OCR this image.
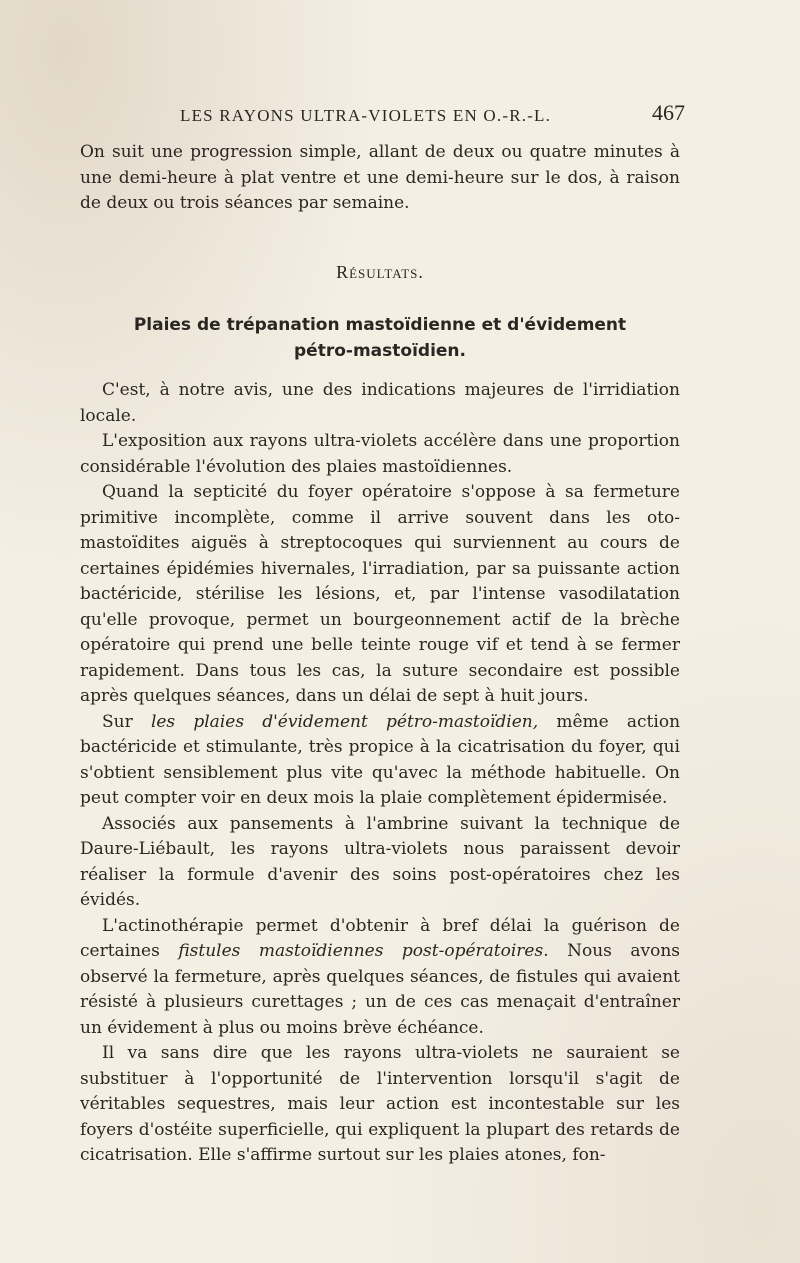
LES RAYONS ULTRA-VIOLETS EN O.-R.-L.	467

On suit une progression simple, allant de deux ou quatre minutes à une demi-heure à plat ventre et une demi-heure sur le dos, à raison de deux ou trois séances par semaine.

Résultats.
Plaies de trépanation mastoïdienne et d'évidement pétro-mastoïdien.

C'est, à notre avis, une des indications majeures de l'irridiation locale.

L'exposition aux rayons ultra-violets accélère dans une proportion considérable l'évolution des plaies mastoïdiennes.

Quand la septicité du foyer opératoire s'oppose à sa fermeture primitive incomplète, comme il arrive souvent dans les oto-mastoïdites aiguës à streptocoques qui surviennent au cours de certaines épidémies hivernales, l'irradiation, par sa puissante action bactéricide, stérilise les lésions, et, par l'intense vasodilatation qu'elle provoque, permet un bourgeonnement actif de la brèche opératoire qui prend une belle teinte rouge vif et tend à se fermer rapidement. Dans tous les cas, la suture secondaire est possible après quelques séances, dans un délai de sept à huit jours.

Sur les plaies d'évidement pétro-mastoïdien, même action bactéricide et stimulante, très propice à la cicatrisation du foyer, qui s'obtient sensiblement plus vite qu'avec la méthode habituelle. On peut compter voir en deux mois la plaie complètement épidermisée.

Associés aux pansements à l'ambrine suivant la technique de Daure-Liébault, les rayons ultra-violets nous paraissent devoir réaliser la formule d'avenir des soins post-opératoires chez les évidés.

L'actinothérapie permet d'obtenir à bref délai la guérison de certaines fistules mastoïdiennes post-opératoires. Nous avons observé la fermeture, après quelques séances, de fistules qui avaient résisté à plusieurs curettages ; un de ces cas menaçait d'entraîner un évidement à plus ou moins brève échéance.

Il va sans dire que les rayons ultra-violets ne sauraient se substituer à l'opportunité de l'intervention lorsqu'il s'agit de véritables sequestres, mais leur action est incontestable sur les foyers d'ostéite superficielle, qui expliquent la plupart des retards de cicatrisation. Elle s'affirme surtout sur les plaies atones, fon-
